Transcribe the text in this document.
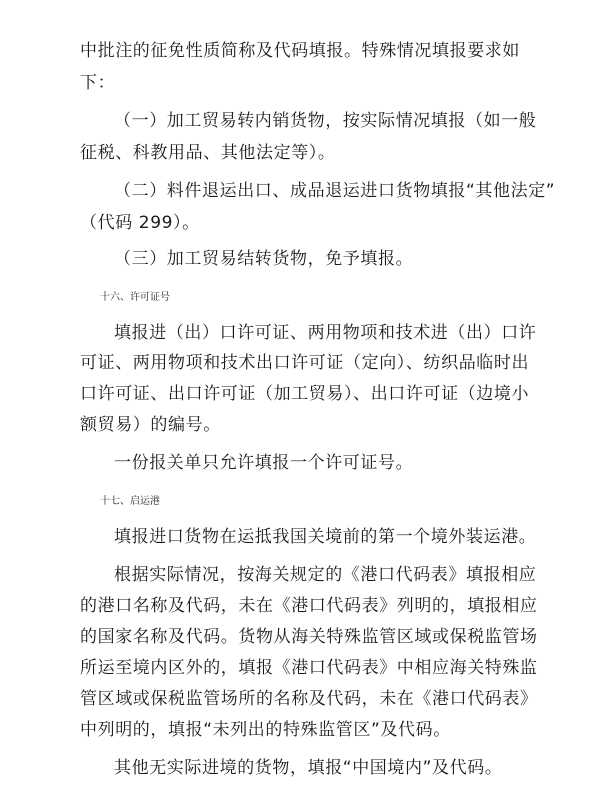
中批注的征免性质简称及代码填报。特殊情况填报要求如
下：
（一）加工贸易转内销货物，按实际情况填报（如一般
征税、科教用品、其他法定等）。
（二）料件退运出口、成品退运进口货物填报“其他法定”
（代码 299）。
（三）加工贸易结转货物，免予填报。
十六、许可证号
填报进（出）口许可证、两用物项和技术进（出）口许
可证、两用物项和技术出口许可证（定向）、纺织品临时出
口许可证、出口许可证（加工贸易）、出口许可证（边境小
额贸易）的编号。
一份报关单只允许填报一个许可证号。
十七、启运港
填报进口货物在运抵我国关境前的第一个境外装运港。
根据实际情况，按海关规定的《港口代码表》填报相应
的港口名称及代码，未在《港口代码表》列明的，填报相应
的国家名称及代码。货物从海关特殊监管区域或保税监管场
所运至境内区外的，填报《港口代码表》中相应海关特殊监
管区域或保税监管场所的名称及代码，未在《港口代码表》
中列明的，填报“未列出的特殊监管区”及代码。
其他无实际进境的货物，填报“中国境内”及代码。
